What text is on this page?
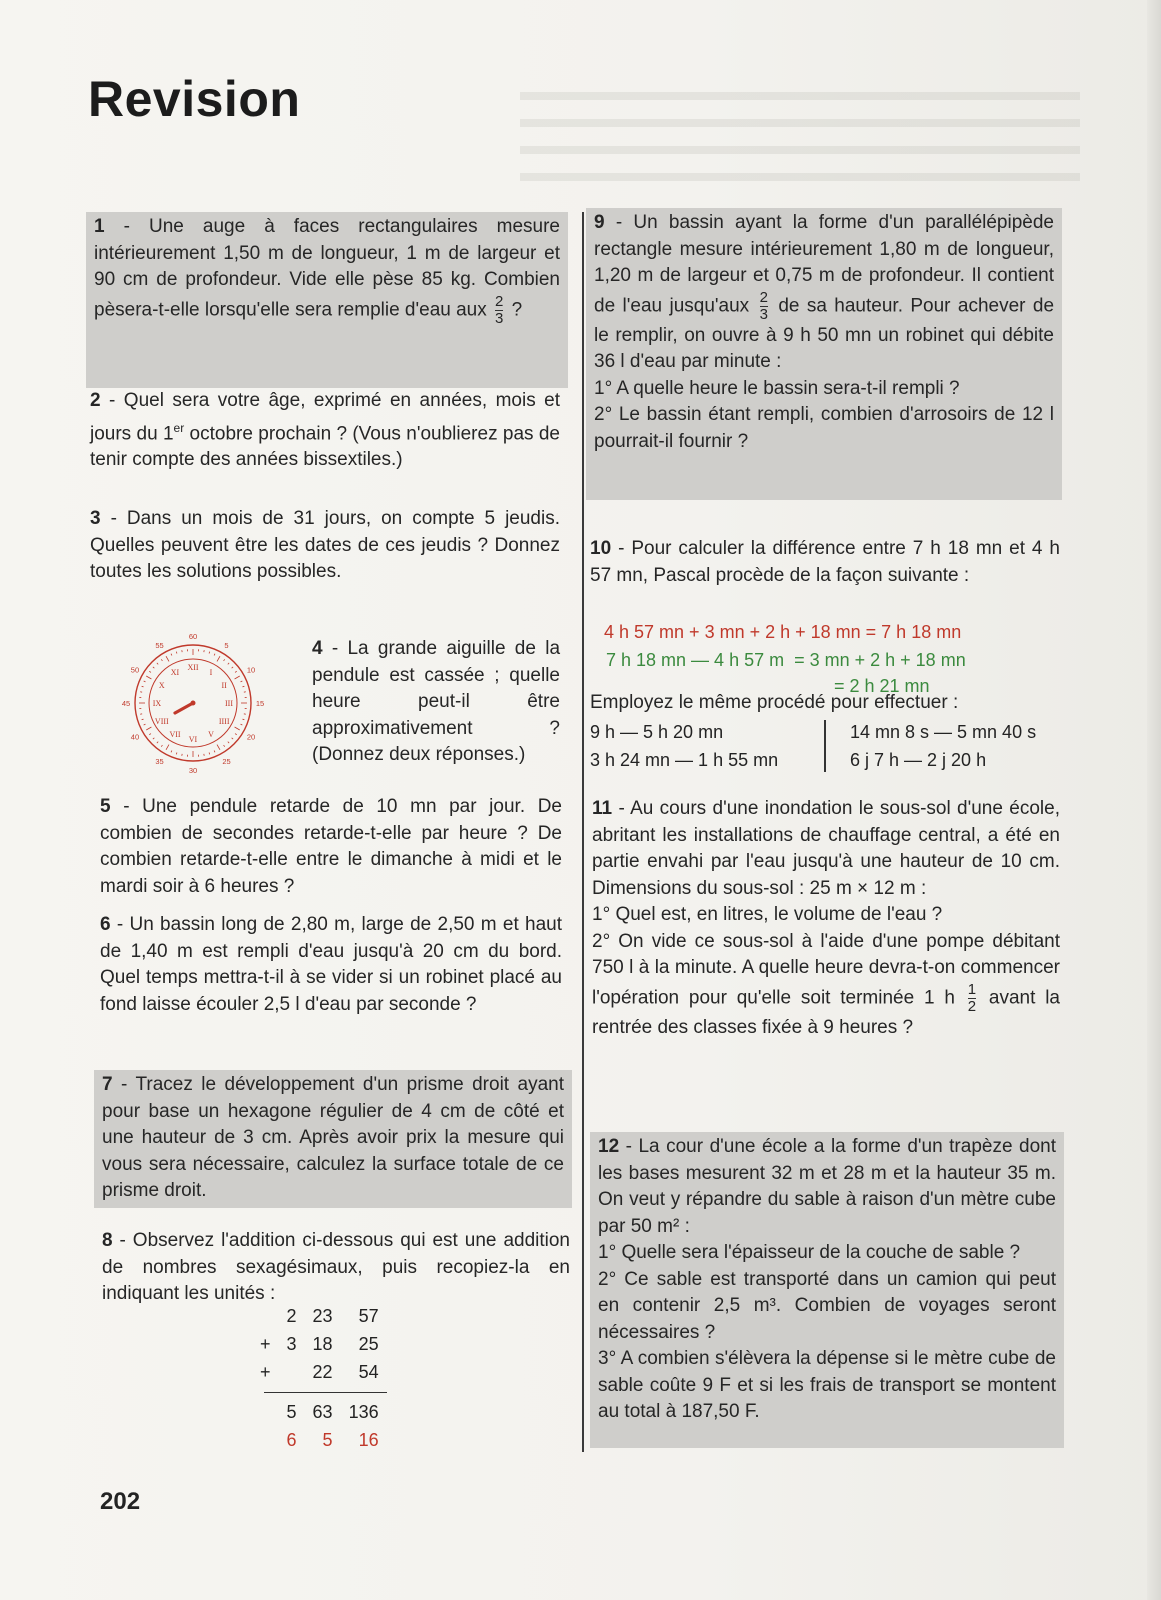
Revision

1 - Une auge à faces rectangulaires mesure intérieurement 1,50 m de longueur, 1 m de largeur et 90 cm de profondeur. Vide elle pèse 85 kg. Combien pèsera-t-elle lorsqu'elle sera remplie d'eau aux $\frac{2}{3}$ ?

2 - Quel sera votre âge, exprimé en années, mois et jours du 1er octobre prochain ? (Vous n'oublierez pas de tenir compte des années bissextiles.)

3 - Dans un mois de 31 jours, on compte 5 jeudis. Quelles peuvent être les dates de ces jeudis ? Donnez toutes les solutions possibles.

XII
I
II
III
IIII
V
VI
VII
VIII
IX
X
XI
60
5
10
15
20
25
30
35
40
45
50
55	4 - La grande aiguille de la pendule est cassée ; quelle heure peut-il être approximativement ? (Donnez deux réponses.)

5 - Une pendule retarde de 10 mn par jour. De combien de secondes retarde-t-elle par heure ? De combien retarde-t-elle entre le dimanche à midi et le mardi soir à 6 heures ?

6 - Un bassin long de 2,80 m, large de 2,50 m et haut de 1,40 m est rempli d'eau jusqu'à 20 cm du bord. Quel temps mettra-t-il à se vider si un robinet placé au fond laisse écouler 2,5 l d'eau par seconde ?

7 - Tracez le développement d'un prisme droit ayant pour base un hexagone régulier de 4 cm de côté et une hauteur de 3 cm. Après avoir prix la mesure qui vous sera nécessaire, calculez la surface totale de ce prisme droit.

8 - Observez l'addition ci-dessous qui est une addition de nombres sexagésimaux, puis recopiez-la en indiquant les unités :

	2	23	57
+	3	18	25
+		22	54

	5	63	136
	6	5	16

9 - Un bassin ayant la forme d'un parallélépipède rectangle mesure intérieurement 1,80 m de longueur, 1,20 m de largeur et 0,75 m de profondeur. Il contient de l'eau jusqu'aux $\frac{2}{3}$ de sa hauteur. Pour achever de le remplir, on ouvre à 9 h 50 mn un robinet qui débite 36 l d'eau par minute :

1° A quelle heure le bassin sera-t-il rempli ?

2° Le bassin étant rempli, combien d'arrosoirs de 12 l pourrait-il fournir ?

10 - Pour calculer la différence entre 7 h 18 mn et 4 h 57 mn, Pascal procède de la façon suivante :

4 h 57 mn + 3 mn + 2 h + 18 mn = 7 h 18 mn
7 h 18 mn — 4 h 57 m  = 3 mn + 2 h + 18 mn
= 2 h 21 mn
Employez le même procédé pour effectuer :
9 h — 5 h 20 mn
3 h 24 mn — 1 h 55 mn
14 mn 8 s — 5 mn 40 s
6 j 7 h — 2 j 20 h

11 - Au cours d'une inondation le sous-sol d'une école, abritant les installations de chauffage central, a été en partie envahi par l'eau jusqu'à une hauteur de 10 cm. Dimensions du sous-sol : 25 m × 12 m :

1° Quel est, en litres, le volume de l'eau ?

2° On vide ce sous-sol à l'aide d'une pompe débitant 750 l à la minute. A quelle heure devra-t-on commencer l'opération pour qu'elle soit terminée 1 h $\frac{1}{2}$ avant la rentrée des classes fixée à 9 heures ?

12 - La cour d'une école a la forme d'un trapèze dont les bases mesurent 32 m et 28 m et la hauteur 35 m. On veut y répandre du sable à raison d'un mètre cube par 50 m² :

1° Quelle sera l'épaisseur de la couche de sable ?

2° Ce sable est transporté dans un camion qui peut en contenir 2,5 m³. Combien de voyages seront nécessaires ?

3° A combien s'élèvera la dépense si le mètre cube de sable coûte 9 F et si les frais de transport se montent au total à 187,50 F.

202
